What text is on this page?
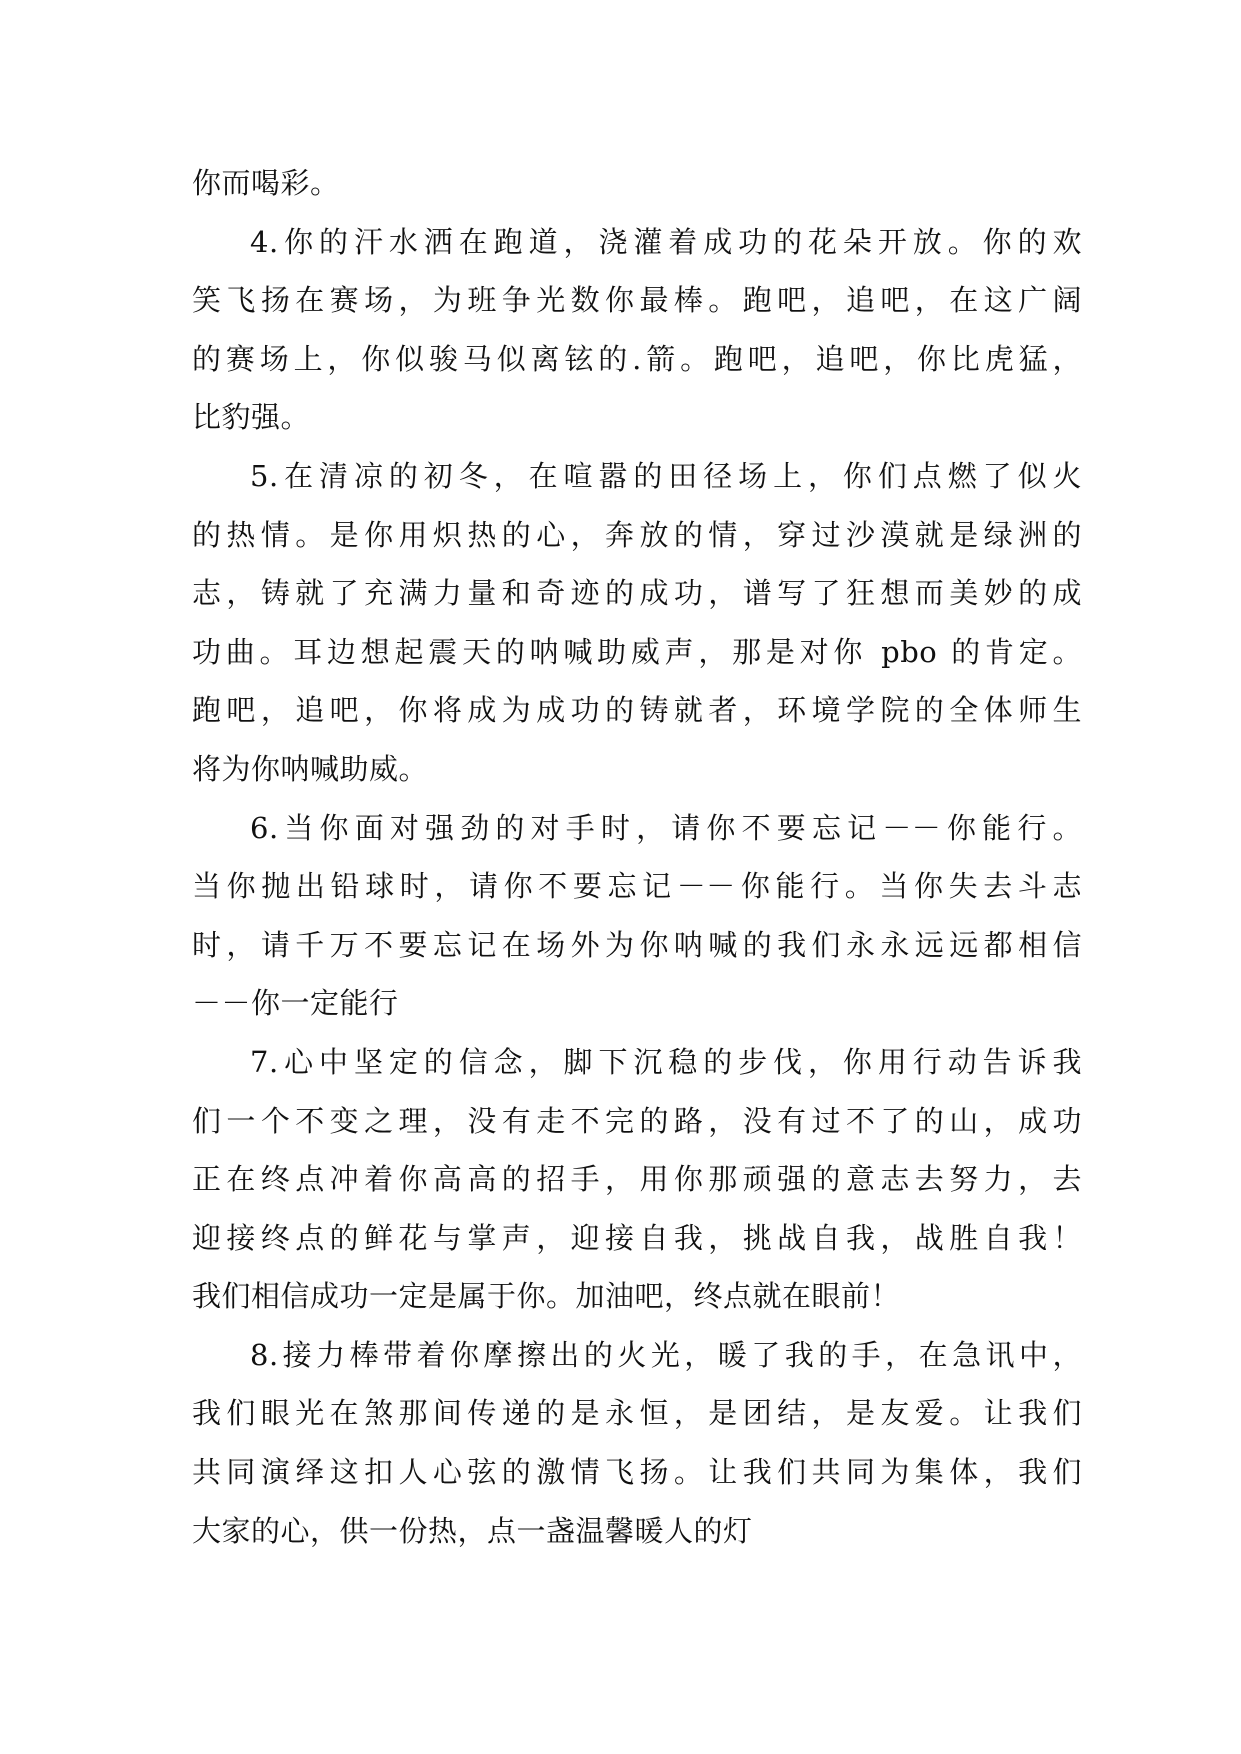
你而喝彩。
4.你的汗水洒在跑道，浇灌着成功的花朵开放。你的欢
笑飞扬在赛场，为班争光数你最棒。跑吧，追吧，在这广阔
的赛场上，你似骏马似离铉的.箭。跑吧，追吧，你比虎猛，
比豹强。
5.在清凉的初冬，在喧嚣的田径场上，你们点燃了似火
的热情。是你用炽热的心，奔放的情，穿过沙漠就是绿洲的
志，铸就了充满力量和奇迹的成功，谱写了狂想而美妙的成
功曲。耳边想起震天的呐喊助威声，那是对你 pbo 的肯定。
跑吧，追吧，你将成为成功的铸就者，环境学院的全体师生
将为你呐喊助威。
6.当你面对强劲的对手时，请你不要忘记－－你能行。
当你抛出铅球时，请你不要忘记－－你能行。当你失去斗志
时，请千万不要忘记在场外为你呐喊的我们永永远远都相信
－－你一定能行
7.心中坚定的信念，脚下沉稳的步伐，你用行动告诉我
们一个不变之理，没有走不完的路，没有过不了的山，成功
正在终点冲着你高高的招手，用你那顽强的意志去努力，去
迎接终点的鲜花与掌声，迎接自我，挑战自我，战胜自我！
我们相信成功一定是属于你。加油吧，终点就在眼前！
8.接力棒带着你摩擦出的火光，暖了我的手，在急讯中，
我们眼光在煞那间传递的是永恒，是团结，是友爱。让我们
共同演绎这扣人心弦的激情飞扬。让我们共同为集体，我们
大家的心，供一份热，点一盏温馨暖人的灯
